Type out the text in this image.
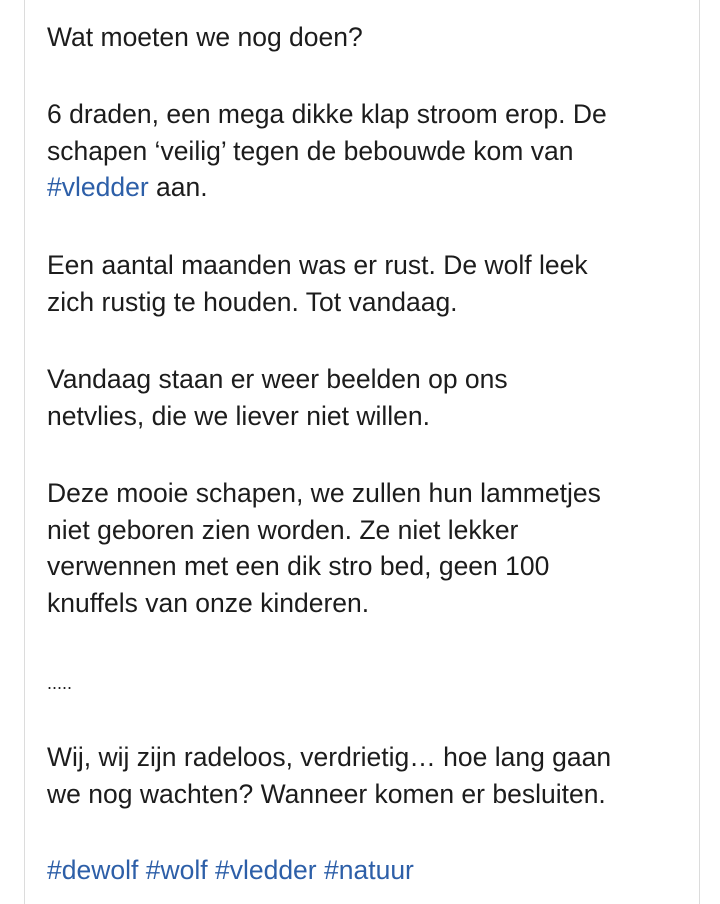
Wat moeten we nog doen?

6 draden, een mega dikke klap stroom erop. De
schapen ‘veilig’ tegen de bebouwde kom van
#vledder aan.

Een aantal maanden was er rust. De wolf leek
zich rustig te houden. Tot vandaag.

Vandaag staan er weer beelden op ons
netvlies, die we liever niet willen.

Deze mooie schapen, we zullen hun lammetjes
niet geboren zien worden. Ze niet lekker
verwennen met een dik stro bed, geen 100
knuffels van onze kinderen.

.....

Wij, wij zijn radeloos, verdrietig… hoe lang gaan
we nog wachten? Wanneer komen er besluiten.

#dewolf #wolf #vledder #natuur
